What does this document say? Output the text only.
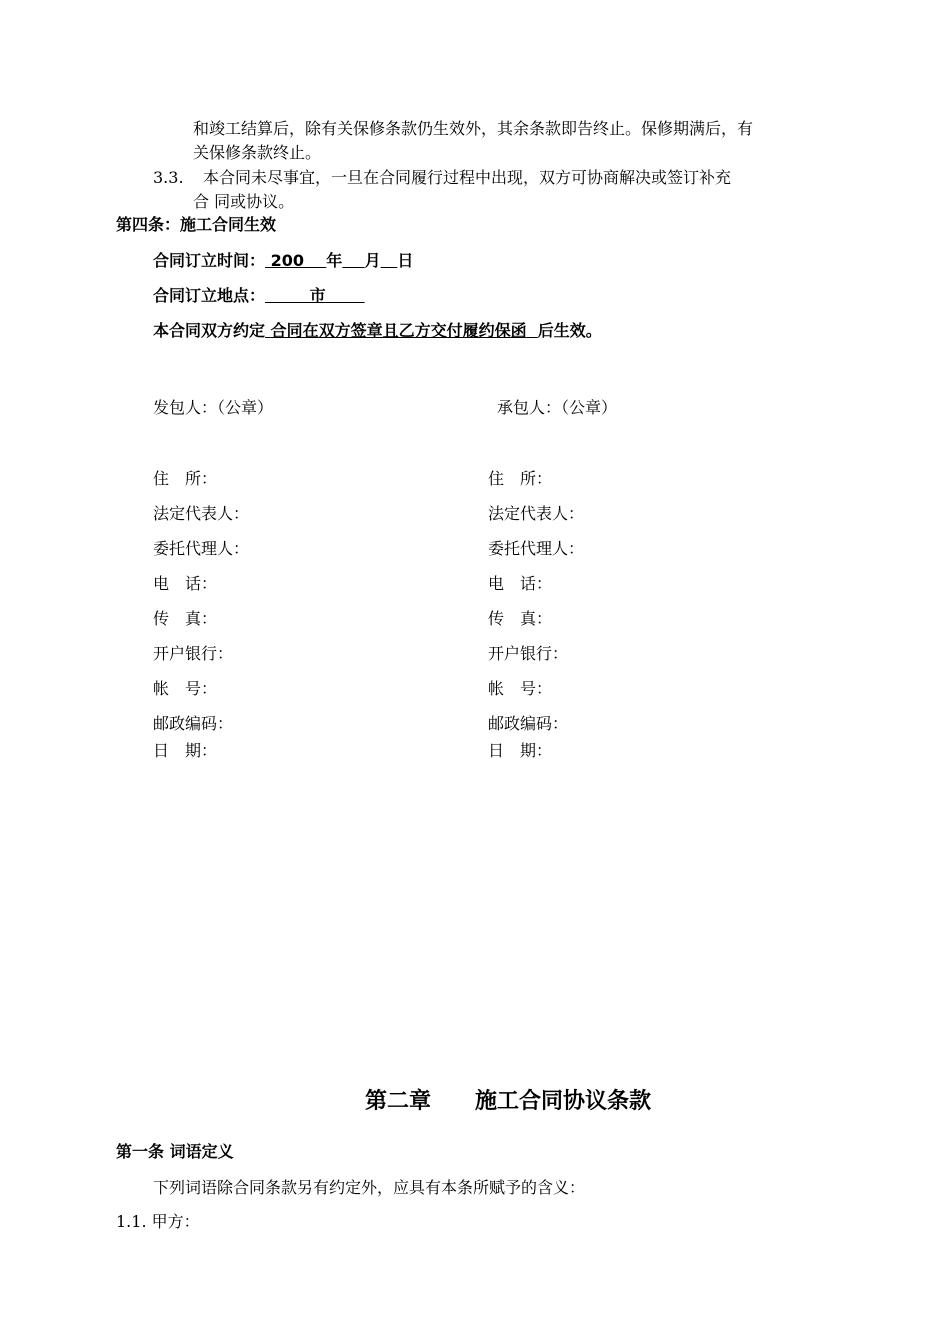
和竣工结算后，除有关保修条款仍生效外，其余条款即告终止。保修期满后，有
关保修条款终止。
3.3. 本合同未尽事宜，一旦在合同履行过程中出现，双方可协商解决或签订补充
合 同或协议。
第四条：施工合同生效
合同订立时间： 200 年 月 日
合同订立地点：	市
本合同双方约定 合同在双方签章且乙方交付履约保函 后生效。
发包人：（公章）	承包人：（公章）
住　所：	住　所：
法定代表人：	法定代表人：
委托代理人：	委托代理人：
电　话：	电　话：
传　真：	传　真：
开户银行：	开户银行：
帐　号：	帐　号：
邮政编码：	邮政编码：
日　期：	日　期：
第二章　　施工合同协议条款
第一条 词语定义
下列词语除合同条款另有约定外，应具有本条所赋予的含义：
1.1. 甲方：
